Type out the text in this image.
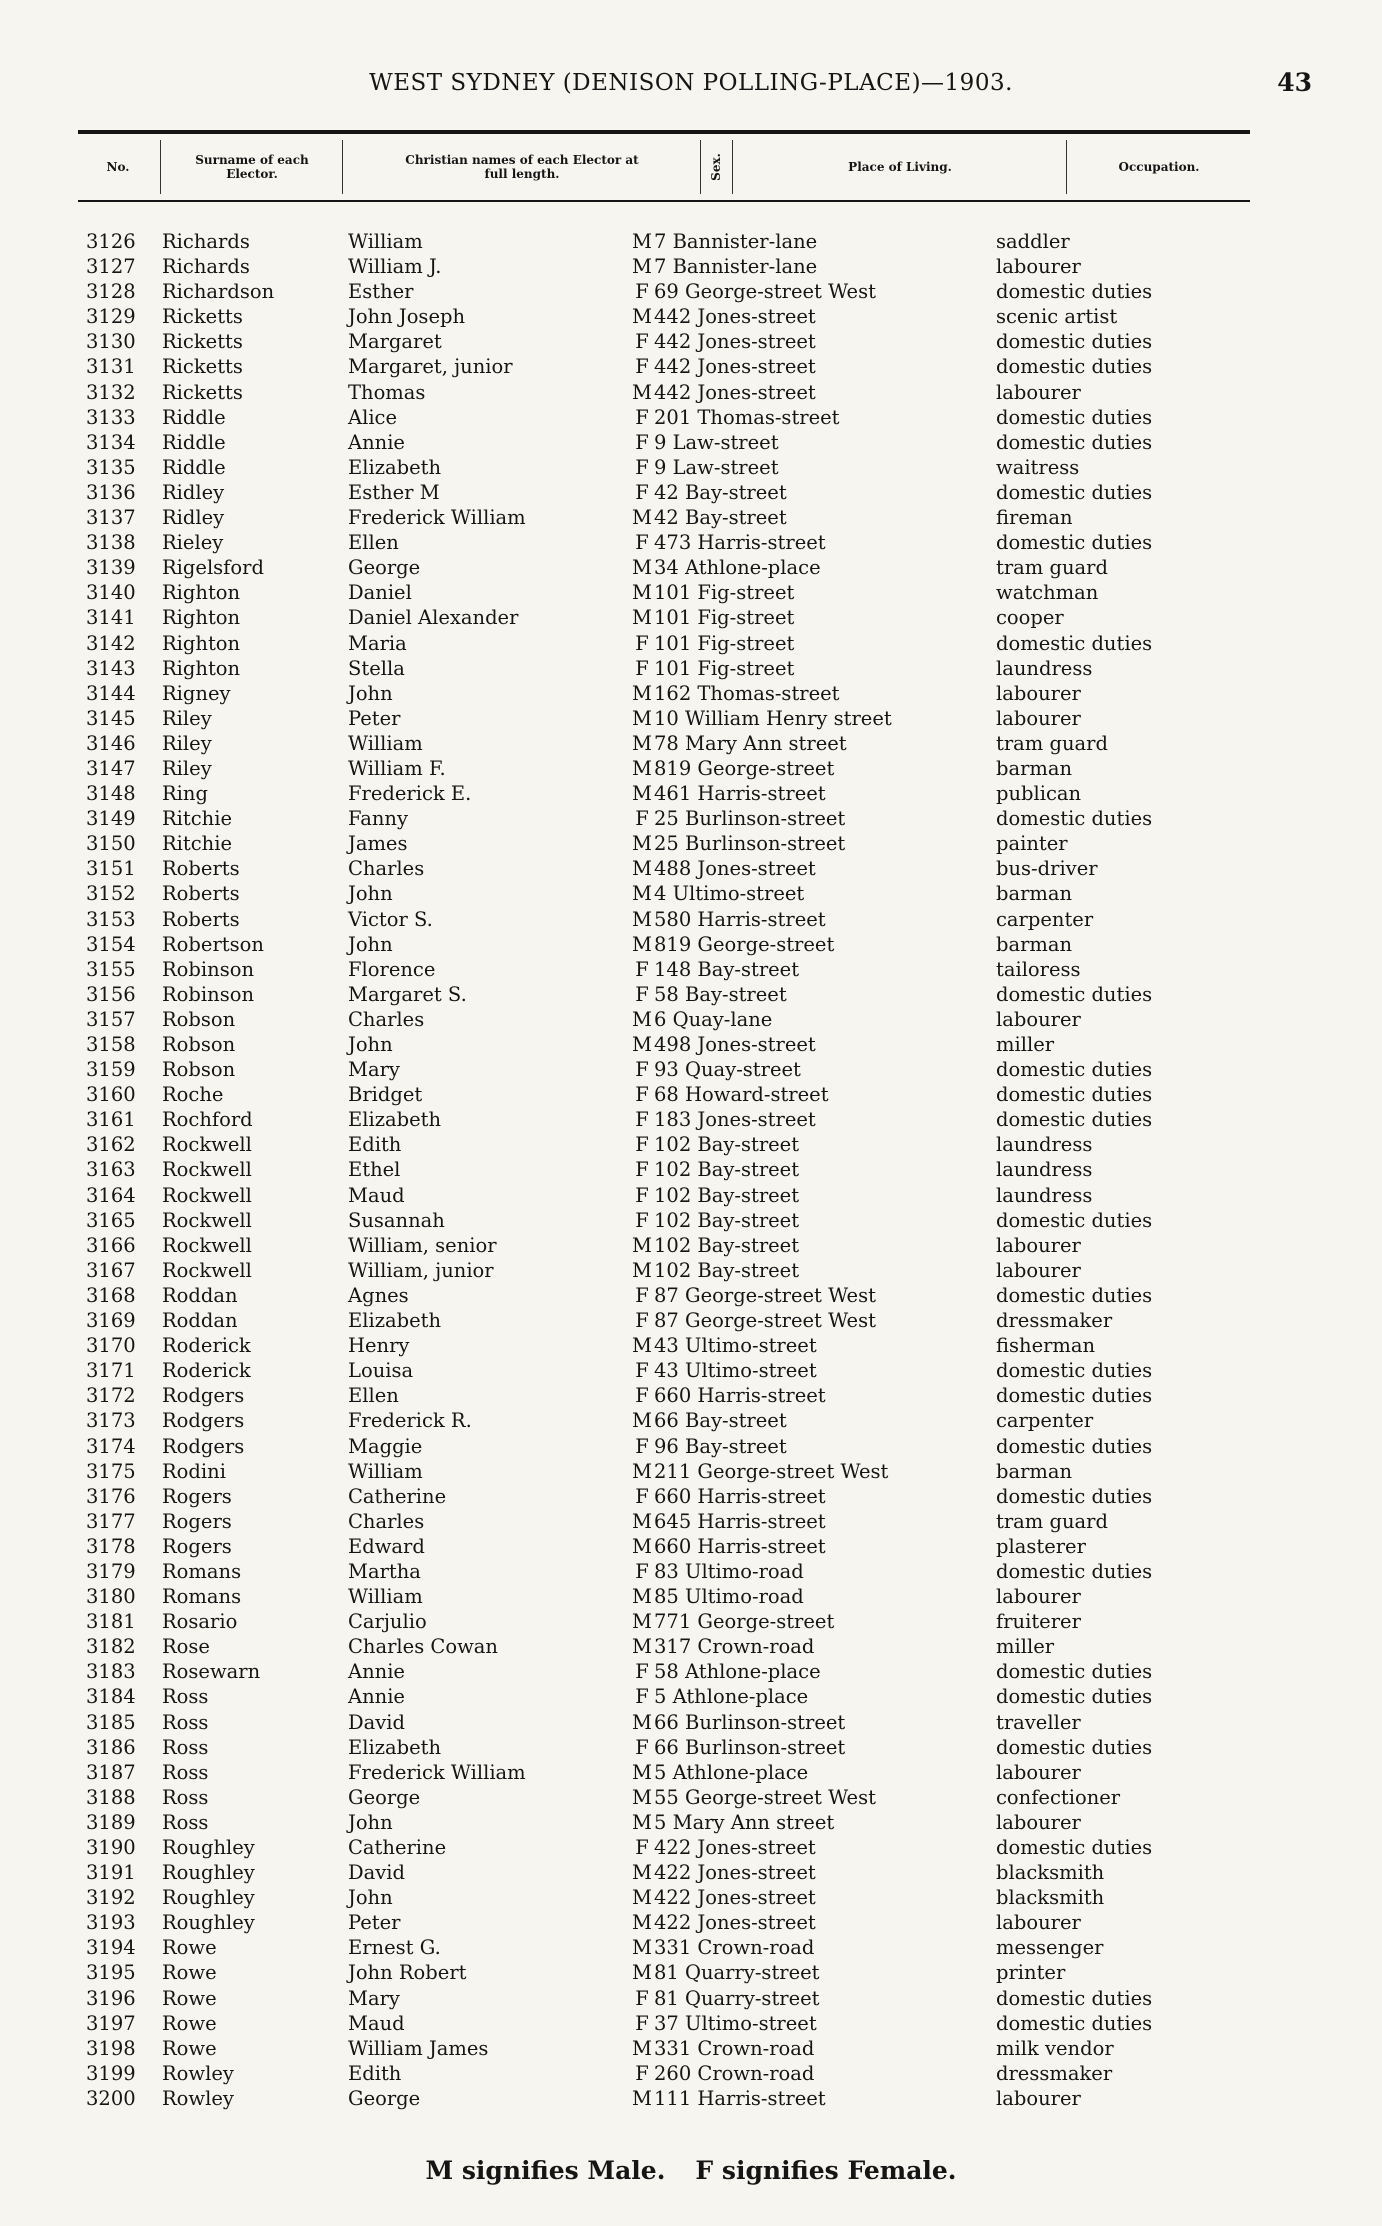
WEST SYDNEY (DENISON POLLING-PLACE)—1903.	43
No.	Surname of each Elector.
Christian names of each Elector at full length.	Sex.	Place of Living.	Occupation.
3126	Richards	William	M 7 Bannister-lane	saddler
3127	Richards	William J.	M 7 Bannister-lane	labourer
3128	Richardson	Esther	F 69 George-street West	domestic duties
3129	Ricketts	John Joseph	M 442 Jones-street	scenic artist
3130	Ricketts	Margaret	F 442 Jones-street	domestic duties
3131	Ricketts	Margaret, junior	F 442 Jones-street	domestic duties
3132	Ricketts	Thomas	M 442 Jones-street	labourer
3133	Riddle	Alice	F 201 Thomas-street	domestic duties
3134	Riddle	Annie	F 9 Law-street	domestic duties
3135	Riddle	Elizabeth	F 9 Law-street	waitress
3136	Ridley	Esther M	F 42 Bay-street	domestic duties
3137	Ridley	Frederick William	M 42 Bay-street	fireman
3138	Rieley	Ellen	F 473 Harris-street	domestic duties
3139	Rigelsford	George	M 34 Athlone-place	tram guard
3140	Righton	Daniel	M 101 Fig-street	watchman
3141	Righton	Daniel Alexander	M 101 Fig-street	cooper
3142	Righton	Maria	F 101 Fig-street	domestic duties
3143	Righton	Stella	F 101 Fig-street	laundress
3144	Rigney	John	M 162 Thomas-street	labourer
3145	Riley	Peter	M 10 William Henry street	labourer
3146	Riley	William	M 78 Mary Ann street	tram guard
3147	Riley	William F.	M 819 George-street	barman
3148	Ring	Frederick E.	M 461 Harris-street	publican
3149	Ritchie	Fanny	F 25 Burlinson-street	domestic duties
3150	Ritchie	James	M 25 Burlinson-street	painter
3151	Roberts	Charles	M 488 Jones-street	bus-driver
3152	Roberts	John	M 4 Ultimo-street	barman
3153	Roberts	Victor S.	M 580 Harris-street	carpenter
3154	Robertson	John	M 819 George-street	barman
3155	Robinson	Florence	F 148 Bay-street	tailoress
3156	Robinson	Margaret S.	F 58 Bay-street	domestic duties
3157	Robson	Charles	M 6 Quay-lane	labourer
3158	Robson	John	M 498 Jones-street	miller
3159	Robson	Mary	F 93 Quay-street	domestic duties
3160	Roche	Bridget	F 68 Howard-street	domestic duties
3161	Rochford	Elizabeth	F 183 Jones-street	domestic duties
3162	Rockwell	Edith	F 102 Bay-street	laundress
3163	Rockwell	Ethel	F 102 Bay-street	laundress
3164	Rockwell	Maud	F 102 Bay-street	laundress
3165	Rockwell	Susannah	F 102 Bay-street	domestic duties
3166	Rockwell	William, senior	M 102 Bay-street	labourer
3167	Rockwell	William, junior	M 102 Bay-street	labourer
3168	Roddan	Agnes	F 87 George-street West	domestic duties
3169	Roddan	Elizabeth	F 87 George-street West	dressmaker
3170	Roderick	Henry	M 43 Ultimo-street	fisherman
3171	Roderick	Louisa	F 43 Ultimo-street	domestic duties
3172	Rodgers	Ellen	F 660 Harris-street	domestic duties
3173	Rodgers	Frederick R.	M 66 Bay-street	carpenter
3174	Rodgers	Maggie	F 96 Bay-street	domestic duties
3175	Rodini	William	M 211 George-street West	barman
3176	Rogers	Catherine	F 660 Harris-street	domestic duties
3177	Rogers	Charles	M 645 Harris-street	tram guard
3178	Rogers	Edward	M 660 Harris-street	plasterer
3179	Romans	Martha	F 83 Ultimo-road	domestic duties
3180	Romans	William	M 85 Ultimo-road	labourer
3181	Rosario	Carjulio	M 771 George-street	fruiterer
3182	Rose	Charles Cowan	M 317 Crown-road	miller
3183	Rosewarn	Annie	F 58 Athlone-place	domestic duties
3184	Ross	Annie	F 5 Athlone-place	domestic duties
3185	Ross	David	M 66 Burlinson-street	traveller
3186	Ross	Elizabeth	F 66 Burlinson-street	domestic duties
3187	Ross	Frederick William	M 5 Athlone-place	labourer
3188	Ross	George	M 55 George-street West	confectioner
3189	Ross	John	M 5 Mary Ann street	labourer
3190	Roughley	Catherine	F 422 Jones-street	domestic duties
3191	Roughley	David	M 422 Jones-street	blacksmith
3192	Roughley	John	M 422 Jones-street	blacksmith
3193	Roughley	Peter	M 422 Jones-street	labourer
3194	Rowe	Ernest G.	M 331 Crown-road	messenger
3195	Rowe	John Robert	M 81 Quarry-street	printer
3196	Rowe	Mary	F 81 Quarry-street	domestic duties
3197	Rowe	Maud	F 37 Ultimo-street	domestic duties
3198	Rowe	William James	M 331 Crown-road	milk vendor
3199	Rowley	Edith	F 260 Crown-road	dressmaker
3200	Rowley	George	M 111 Harris-street	labourer
M signifies Male. F signifies Female.
